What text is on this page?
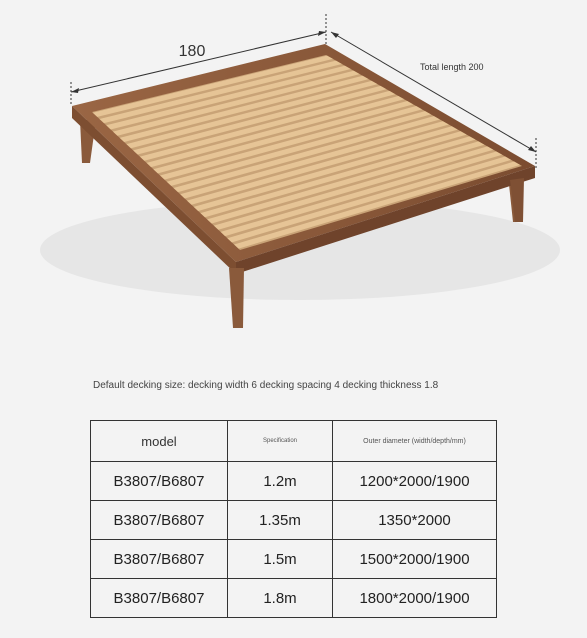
180
Total length 200
Default decking size: decking width 6 decking spacing 4 decking thickness 1.8
model	Specification	Outer diameter (width/depth/mm)
B3807/B6807	1.2m	1200*2000/1900
B3807/B6807	1.35m	1350*2000
B3807/B6807	1.5m	1500*2000/1900
B3807/B6807	1.8m	1800*2000/1900
